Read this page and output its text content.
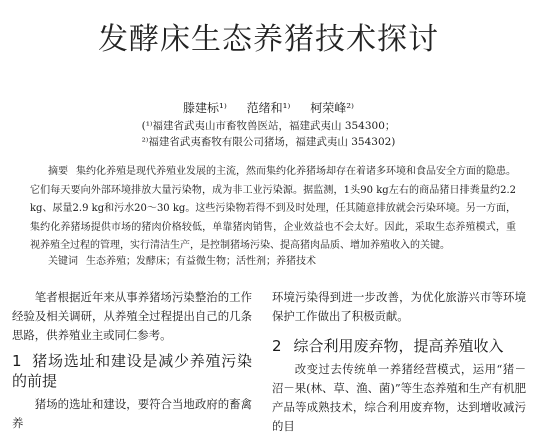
发酵床生态养猪技术探讨
滕建标¹⁾ 范绪和¹⁾ 柯荣峰²⁾
(¹⁾福建省武夷山市畜牧兽医站，福建武夷山 354300；
²⁾福建省武夷畜牧有限公司猪场，福建武夷山 354302)
摘要 集约化养殖是现代养殖业发展的主流，然而集约化养猪场却存在着诸多环境和食品安全方面的隐患。它们每天要向外部环境排放大量污染物，成为非工业污染源。据监测，1头90 kg左右的商品猪日排粪量约2.2 kg、尿量2.9 kg和污水20～30 kg。这些污染物若得不到及时处理，任其随意排放就会污染环境。另一方面，集约化养猪场提供市场的猪肉价格较低，单靠猪肉销售，企业效益也不会太好。因此，采取生态养殖模式，重视养殖全过程的管理，实行清洁生产，是控制猪场污染、提高猪肉品质、增加养殖收入的关键。
关键词 生态养殖；发酵床；有益微生物；活性剂；养猪技术

笔者根据近年来从事养猪场污染整治的工作经验及相关调研，从养殖全过程提出自己的几条思路，供养殖业主或同仁参考。

1 猪场选址和建设是减少养殖污染的前提

猪场的选址和建设，要符合当地政府的畜禽养

环境污染得到进一步改善，为优化旅游兴市等环境保护工作做出了积极贡献。

2 综合利用废弃物，提高养殖收入

改变过去传统单一养猪经营模式，运用“猪－沼－果(林、草、渔、菌)”等生态养殖和生产有机肥产品等成熟技术，综合利用废弃物，达到增收减污的目
